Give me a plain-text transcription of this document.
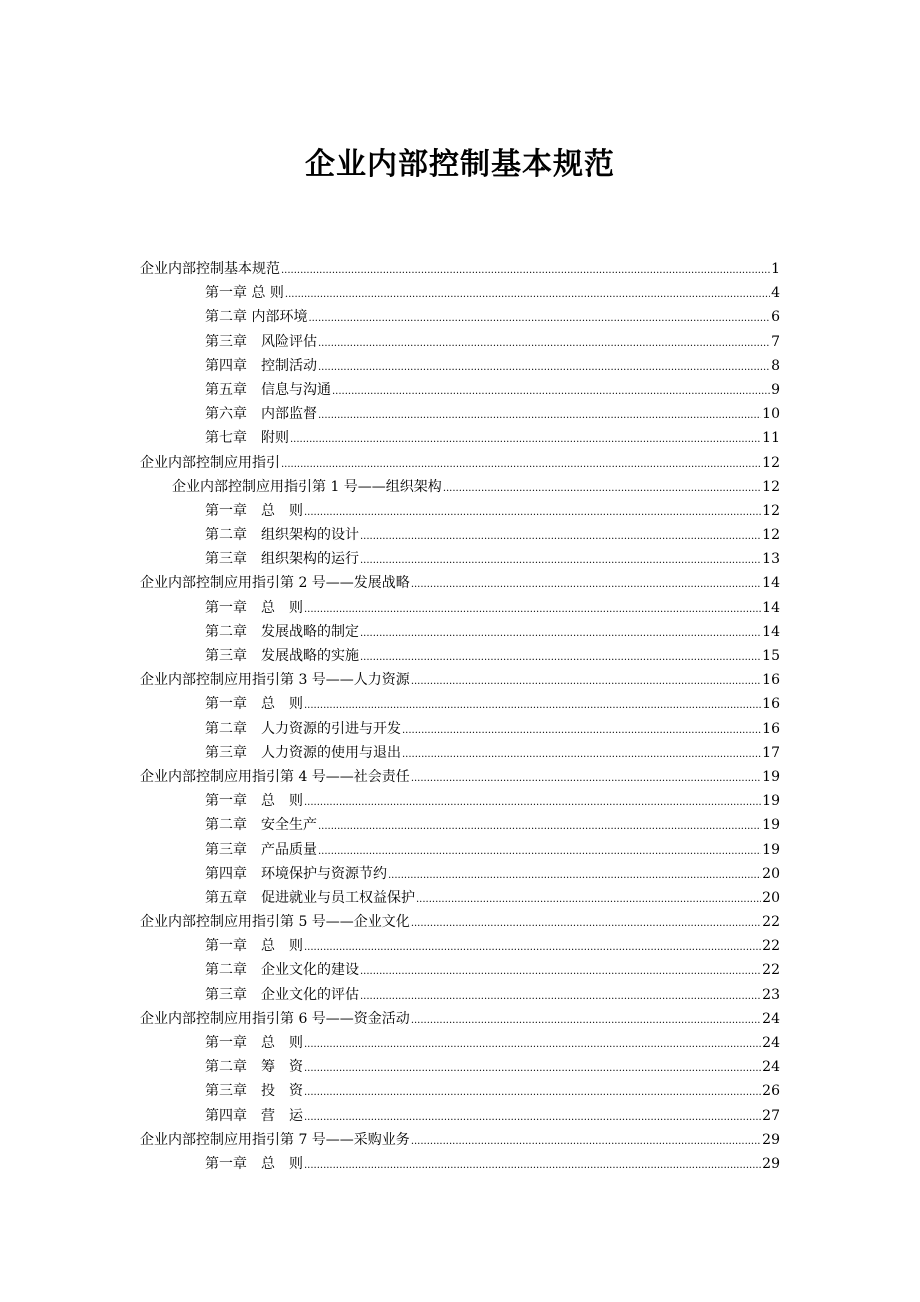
企业内部控制基本规范
企业内部控制基本规范 .....	1
第一章 总 则 .....	4
第二章 内部环境 .....	6
第三章　风险评估 .....	7
第四章　控制活动 .....	8
第五章　信息与沟通 .....	9
第六章　内部监督 .....	10
第七章　附则 .....	11
企业内部控制应用指引 .....	12
企业内部控制应用指引第 1 号——组织架构 .....	12
第一章　总　则 .....	12
第二章　组织架构的设计 .....	12
第三章　组织架构的运行 .....	13
企业内部控制应用指引第 2 号——发展战略 .....	14
第一章　总　则 .....	14
第二章　发展战略的制定 .....	14
第三章　发展战略的实施 .....	15
企业内部控制应用指引第 3 号——人力资源 .....	16
第一章　总　则 .....	16
第二章　人力资源的引进与开发 .....	16
第三章　人力资源的使用与退出 .....	17
企业内部控制应用指引第 4 号——社会责任 .....	19
第一章　总　则 .....	19
第二章　安全生产 .....	19
第三章　产品质量 .....	19
第四章　环境保护与资源节约 .....	20
第五章　促进就业与员工权益保护 .....	20
企业内部控制应用指引第 5 号——企业文化 .....	22
第一章　总　则 .....	22
第二章　企业文化的建设 .....	22
第三章　企业文化的评估 .....	23
企业内部控制应用指引第 6 号——资金活动 .....	24
第一章　总　则 .....	24
第二章　筹　资 .....	24
第三章　投　资 .....	26
第四章　营　运 .....	27
企业内部控制应用指引第 7 号——采购业务 .....	29
第一章　总　则 .....	29
